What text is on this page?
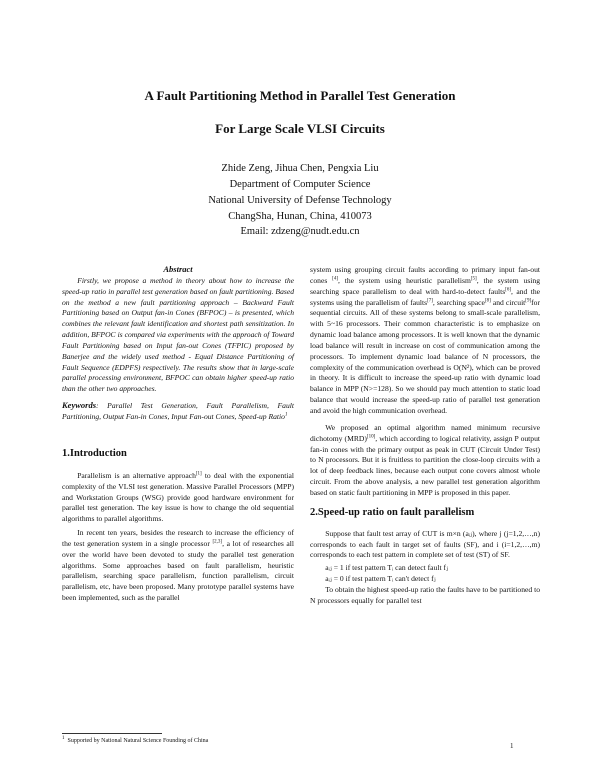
A Fault Partitioning Method in Parallel Test Generation
For Large Scale VLSI Circuits
Zhide Zeng, Jihua Chen, Pengxia Liu
Department of Computer Science
National University of Defense Technology
ChangSha, Hunan, China, 410073
Email: zdzeng@nudt.edu.cn

Abstract

Firstly, we propose a method in theory about how to increase the speed-up ratio in parallel test generation based on fault partitioning. Based on the method a new fault partitioning approach – Backward Fault Partitioning based on Output fan-in Cones (BFPOC) – is presented, which combines the relevant fault identification and shortest path sensitization. In addition, BFPOC is compared via experiments with the approach of Toward Fault Partitioning based on Input fan-out Cones (TFPIC) proposed by Banerjee and the widely used method - Equal Distance Partitioning of Fault Sequence (EDPFS) respectively. The results show that in large-scale parallel processing environment, BFPOC can obtain higher speed-up ratio than the other two approaches.

Keywords: Parallel Test Generation, Fault Parallelism, Fault Partitioning, Output Fan-in Cones, Input Fan-out Cones, Speed-up Ratio$^1$

1.Introduction

Parallelism is an alternative approach[1] to deal with the exponential complexity of the VLSI test generation. Massive Parallel Processors (MPP) and Workstation Groups (WSG) provide good hardware environment for parallel test generation. The key issue is how to change the old sequential algorithms to parallel algorithms.

In recent ten years, besides the research to increase the efficiency of the test generation system in a single processor [2,3], a lot of researches all over the world have been devoted to study the parallel test generation algorithms. Some approaches based on fault parallelism, heuristic parallelism, searching space parallelism, function parallelism, circuit parallelism, etc, have been proposed. Many prototype parallel systems have been implemented, such as the parallel

system using grouping circuit faults according to primary input fan-out cones [4], the system using heuristic parallelism[5], the system using searching space parallelism to deal with hard-to-detect faults[6], and the systems using the parallelism of faults[7], searching space[8] and circuit[9]for sequential circuits. All of these systems belong to small-scale parallelism, with 5~16 processors. Their common characteristic is to emphasize on dynamic load balance among processors. It is well known that the dynamic load balance will result in increase on cost of communication among the processors. To implement dynamic load balance of N processors, the complexity of the communication overhead is O(N²), which can be proved in theory. It is difficult to increase the speed-up ratio with dynamic load balance in MPP (N>=128). So we should pay much attention to static load balance that would increase the speed-up ratio of parallel test generation and avoid the high communication overhead.

We proposed an optimal algorithm named minimum recursive dichotomy (MRD)[10], which according to logical relativity, assign P output fan-in cones with the primary output as peak in CUT (Circuit Under Test) to N processors. But it is fruitless to partition the close-loop circuits with a lot of deep feedback lines, because each output cone covers almost whole circuit. From the above analysis, a new parallel test generation algorithm based on static fault partitioning in MPP is proposed in this paper.

2.Speed-up ratio on fault parallelism

Suppose that fault test array of CUT is m×n (aᵢⱼ), where j (j=1,2,…,n) corresponds to each fault in target set of faults (SF), and i (i=1,2,…,m) corresponds to each test pattern in complete set of test (ST) of SF.

aᵢⱼ = 1 if test pattern Tᵢ can detect fault fⱼ

aᵢⱼ = 0 if test pattern Tᵢ can't detect fⱼ

To obtain the highest speed-up ratio the faults have to be partitioned to N processors equally for parallel test

$^1$ Supported by National Natural Science Founding of China
1
